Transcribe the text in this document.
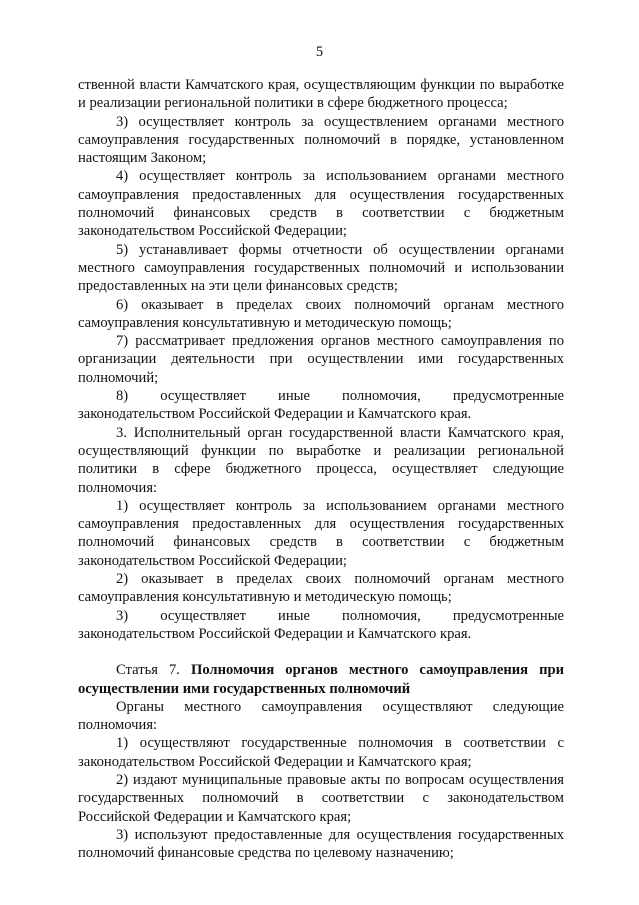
5

ственной власти Камчатского края, осуществляющим функции по выработке и реализации региональной политики в сфере бюджетного процесса;

3) осуществляет контроль за осуществлением органами местного самоуправления государственных полномочий в порядке, установленном настоящим Законом;

4) осуществляет контроль за использованием органами местного самоуправления предоставленных для осуществления государственных полномочий финансовых средств в соответствии с бюджетным законодательством Российской Федерации;

5) устанавливает формы отчетности об осуществлении органами местного самоуправления государственных полномочий и использовании предоставленных на эти цели финансовых средств;

6) оказывает в пределах своих полномочий органам местного самоуправления консультативную и методическую помощь;

7) рассматривает предложения органов местного самоуправления по организации деятельности при осуществлении ими государственных полномочий;

8) осуществляет иные полномочия, предусмотренные законодательством Российской Федерации и Камчатского края.

3. Исполнительный орган государственной власти Камчатского края, осуществляющий функции по выработке и реализации региональной политики в сфере бюджетного процесса, осуществляет следующие полномочия:

1) осуществляет контроль за использованием органами местного самоуправления предоставленных для осуществления государственных полномочий финансовых средств в соответствии с бюджетным законодательством Российской Федерации;

2) оказывает в пределах своих полномочий органам местного самоуправления консультативную и методическую помощь;

3) осуществляет иные полномочия, предусмотренные законодательством Российской Федерации и Камчатского края.

Статья 7. Полномочия органов местного самоуправления при осуществлении ими государственных полномочий

Органы местного самоуправления осуществляют следующие полномочия:

1) осуществляют государственные полномочия в соответствии с законодательством Российской Федерации и Камчатского края;

2) издают муниципальные правовые акты по вопросам осуществления государственных полномочий в соответствии с законодательством Российской Федерации и Камчатского края;

3) используют предоставленные для осуществления государственных полномочий финансовые средства по целевому назначению;
